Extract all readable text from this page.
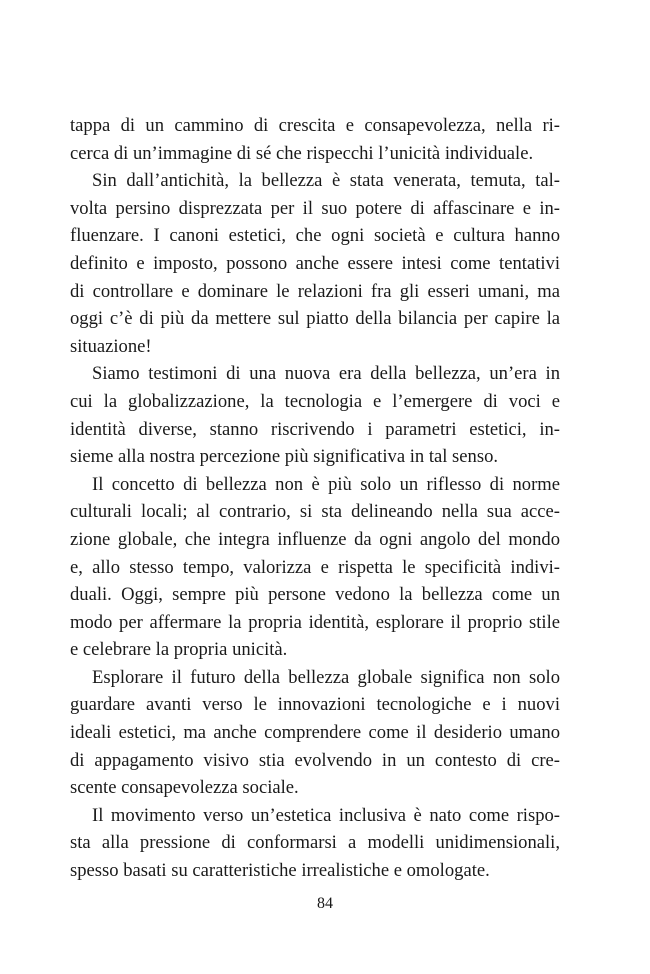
tappa di un cammino di crescita e consapevolezza, nella ri-
cerca di un’immagine di sé che rispecchi l’unicità individuale.

Sin dall’antichità, la bellezza è stata venerata, temuta, tal-
volta persino disprezzata per il suo potere di affascinare e in-
fluenzare. I canoni estetici, che ogni società e cultura hanno
definito e imposto, possono anche essere intesi come tentativi
di controllare e dominare le relazioni fra gli esseri umani, ma
oggi c’è di più da mettere sul piatto della bilancia per capire la
situazione!

Siamo testimoni di una nuova era della bellezza, un’era in
cui la globalizzazione, la tecnologia e l’emergere di voci e
identità diverse, stanno riscrivendo i parametri estetici, in-
sieme alla nostra percezione più significativa in tal senso.

Il concetto di bellezza non è più solo un riflesso di norme
culturali locali; al contrario, si sta delineando nella sua acce-
zione globale, che integra influenze da ogni angolo del mondo
e, allo stesso tempo, valorizza e rispetta le specificità indivi-
duali. Oggi, sempre più persone vedono la bellezza come un
modo per affermare la propria identità, esplorare il proprio stile
e celebrare la propria unicità.

Esplorare il futuro della bellezza globale significa non solo
guardare avanti verso le innovazioni tecnologiche e i nuovi
ideali estetici, ma anche comprendere come il desiderio umano
di appagamento visivo stia evolvendo in un contesto di cre-
scente consapevolezza sociale.

Il movimento verso un’estetica inclusiva è nato come rispo-
sta alla pressione di conformarsi a modelli unidimensionali,
spesso basati su caratteristiche irrealistiche e omologate.

84
